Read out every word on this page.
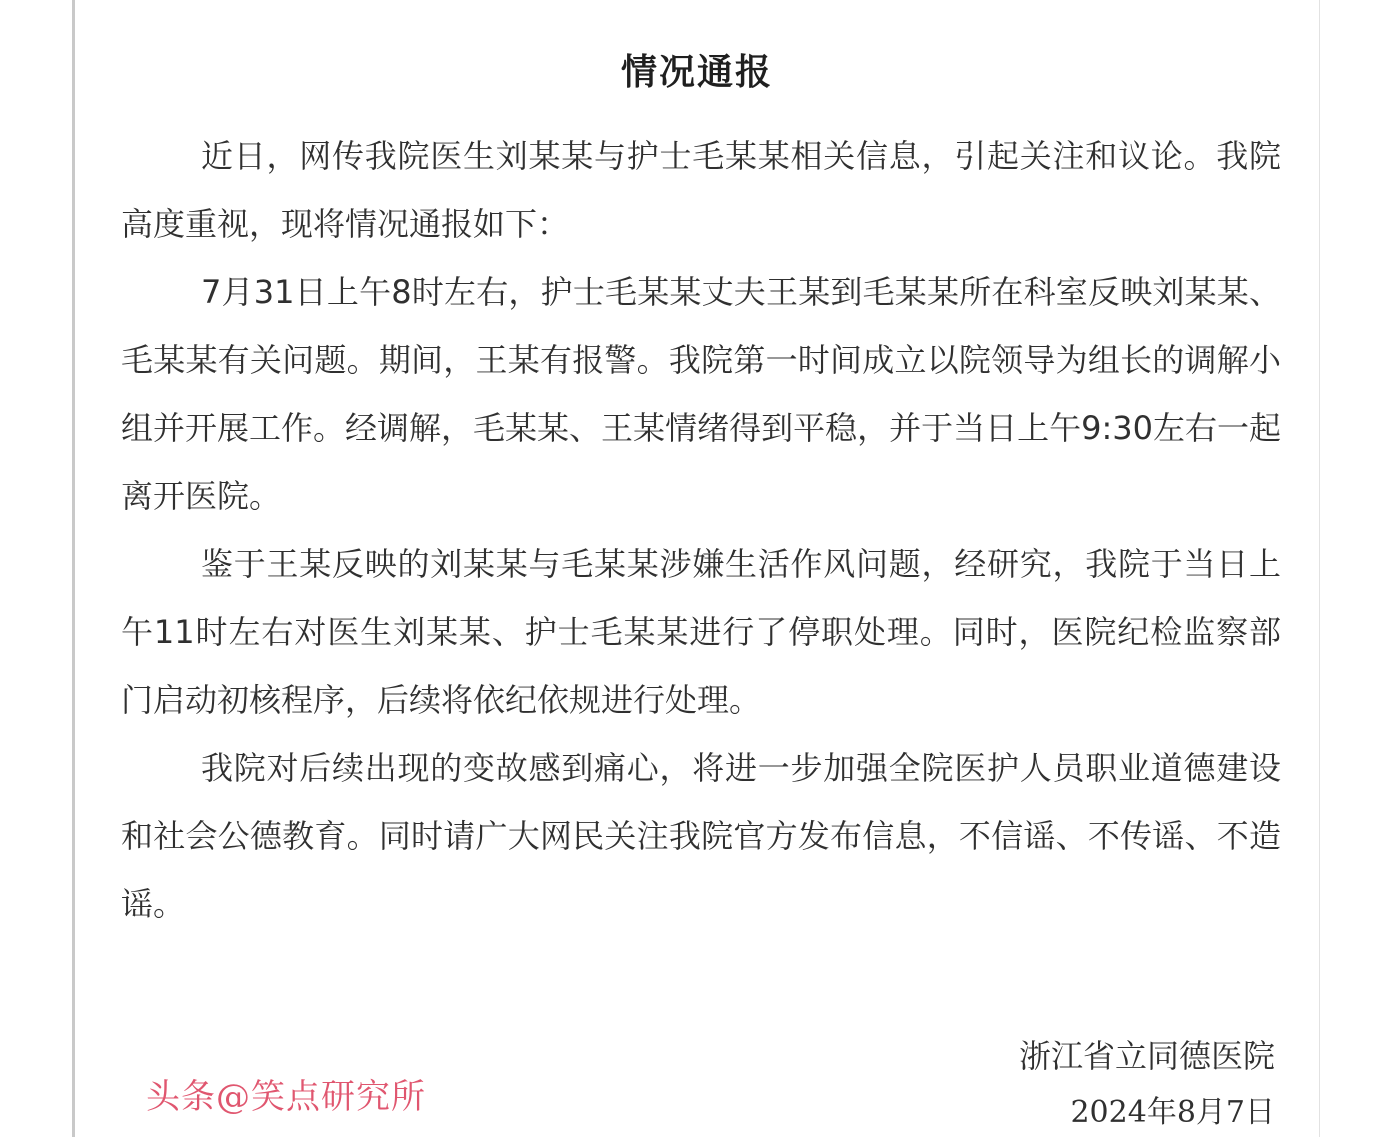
情况通报

近日，网传我院医生刘某某与护士毛某某相关信息，引起关注和议论。我院高度重视，现将情况通报如下：

7月31日上午8时左右，护士毛某某丈夫王某到毛某某所在科室反映刘某某、毛某某有关问题。期间，王某有报警。我院第一时间成立以院领导为组长的调解小组并开展工作。经调解，毛某某、王某情绪得到平稳，并于当日上午9:30左右一起离开医院。

鉴于王某反映的刘某某与毛某某涉嫌生活作风问题，经研究，我院于当日上午11时左右对医生刘某某、护士毛某某进行了停职处理。同时，医院纪检监察部门启动初核程序，后续将依纪依规进行处理。

我院对后续出现的变故感到痛心，将进一步加强全院医护人员职业道德建设和社会公德教育。同时请广大网民关注我院官方发布信息，不信谣、不传谣、不造谣。

浙江省立同德医院
2024年8月7日
头条@笑点研究所
